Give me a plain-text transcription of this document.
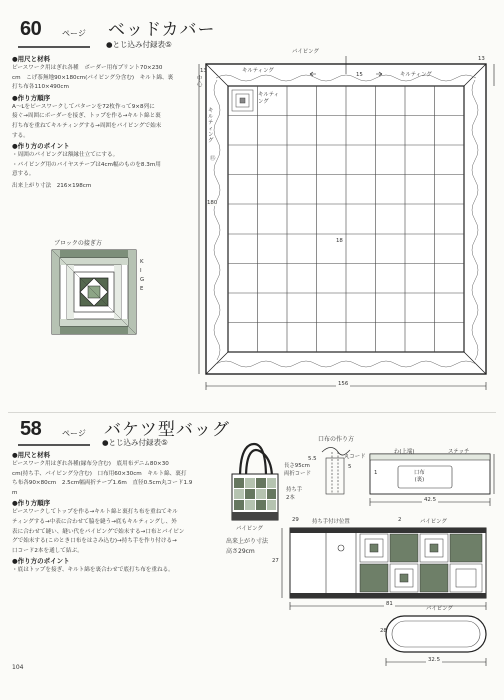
60	ページ ベッドカバー
●とじ込み付録表⑤
●用尺と材料
ピースワーク用はぎれ各種　ボーダー用布プリント70×230
cm　こげ茶無地90×180cm(パイピング分含む)　キルト綿、裏
打ち布各110×490cm
●作り方順序
A～Lをピースワークしてパターンを72枚作って9×8列に
接ぐ→周囲にボーダーを接ぎ、トップを作る→キルト綿と裏
打ち布を重ねてキルティングする→周囲をパイピングで始末
する。
●作り方のポイント
・周囲のパイピングは額縁仕立てにする。
・パイピング用のバイヤステープは4cm幅のものを8.3m用
意する。
出来上がり寸法　216×198cm
ブロックの接ぎ方
K
I
G
E
パイピング
キルティング
キルティング
キルティング
キルティング
15
180
156
13
13
18
中心
⑮
58	ページ バケツ型バッグ
●とじ込み付録表⑤
●用尺と材料
ピースワーク用はぎれ各種(縁布分含む)　底用布デニム80×30
cm(持ち手、パイピング分含む)　口布用60×30cm　キルト綿、裏打
ち布各90×80cm　2.5cm幅両折テープ1.6m　直径0.5cm丸コード1.9
m
●作り方順序
ピースワークしてトップを作る→キルト綿と裏打ち布を重ねてキル
ティングする→中表に合わせて脇を縫う→底もキルティングし、外
表に合わせて縫い、縫い代をパイピングで始末する→口布とパイピン
グで始末する(このとき口布をはさみ込む)→持ち手を作り付ける→
口コード2本を通して結ぶ。
●作り方のポイント
・底はトップを接ぎ、キルト綿を裏合わせで底打ち布を重ねる。
パイピング
出来上がり寸法
高さ29cm
長さ95cm
両折コード
持ち手
2本
口布の作り方
5.5	丸コード
5
わ(上端)	ステッチ
口布
(裏)
1
42.5
持ち手付け位置	パイピング
29	2
27
81
パイピング
28
32.5
104
